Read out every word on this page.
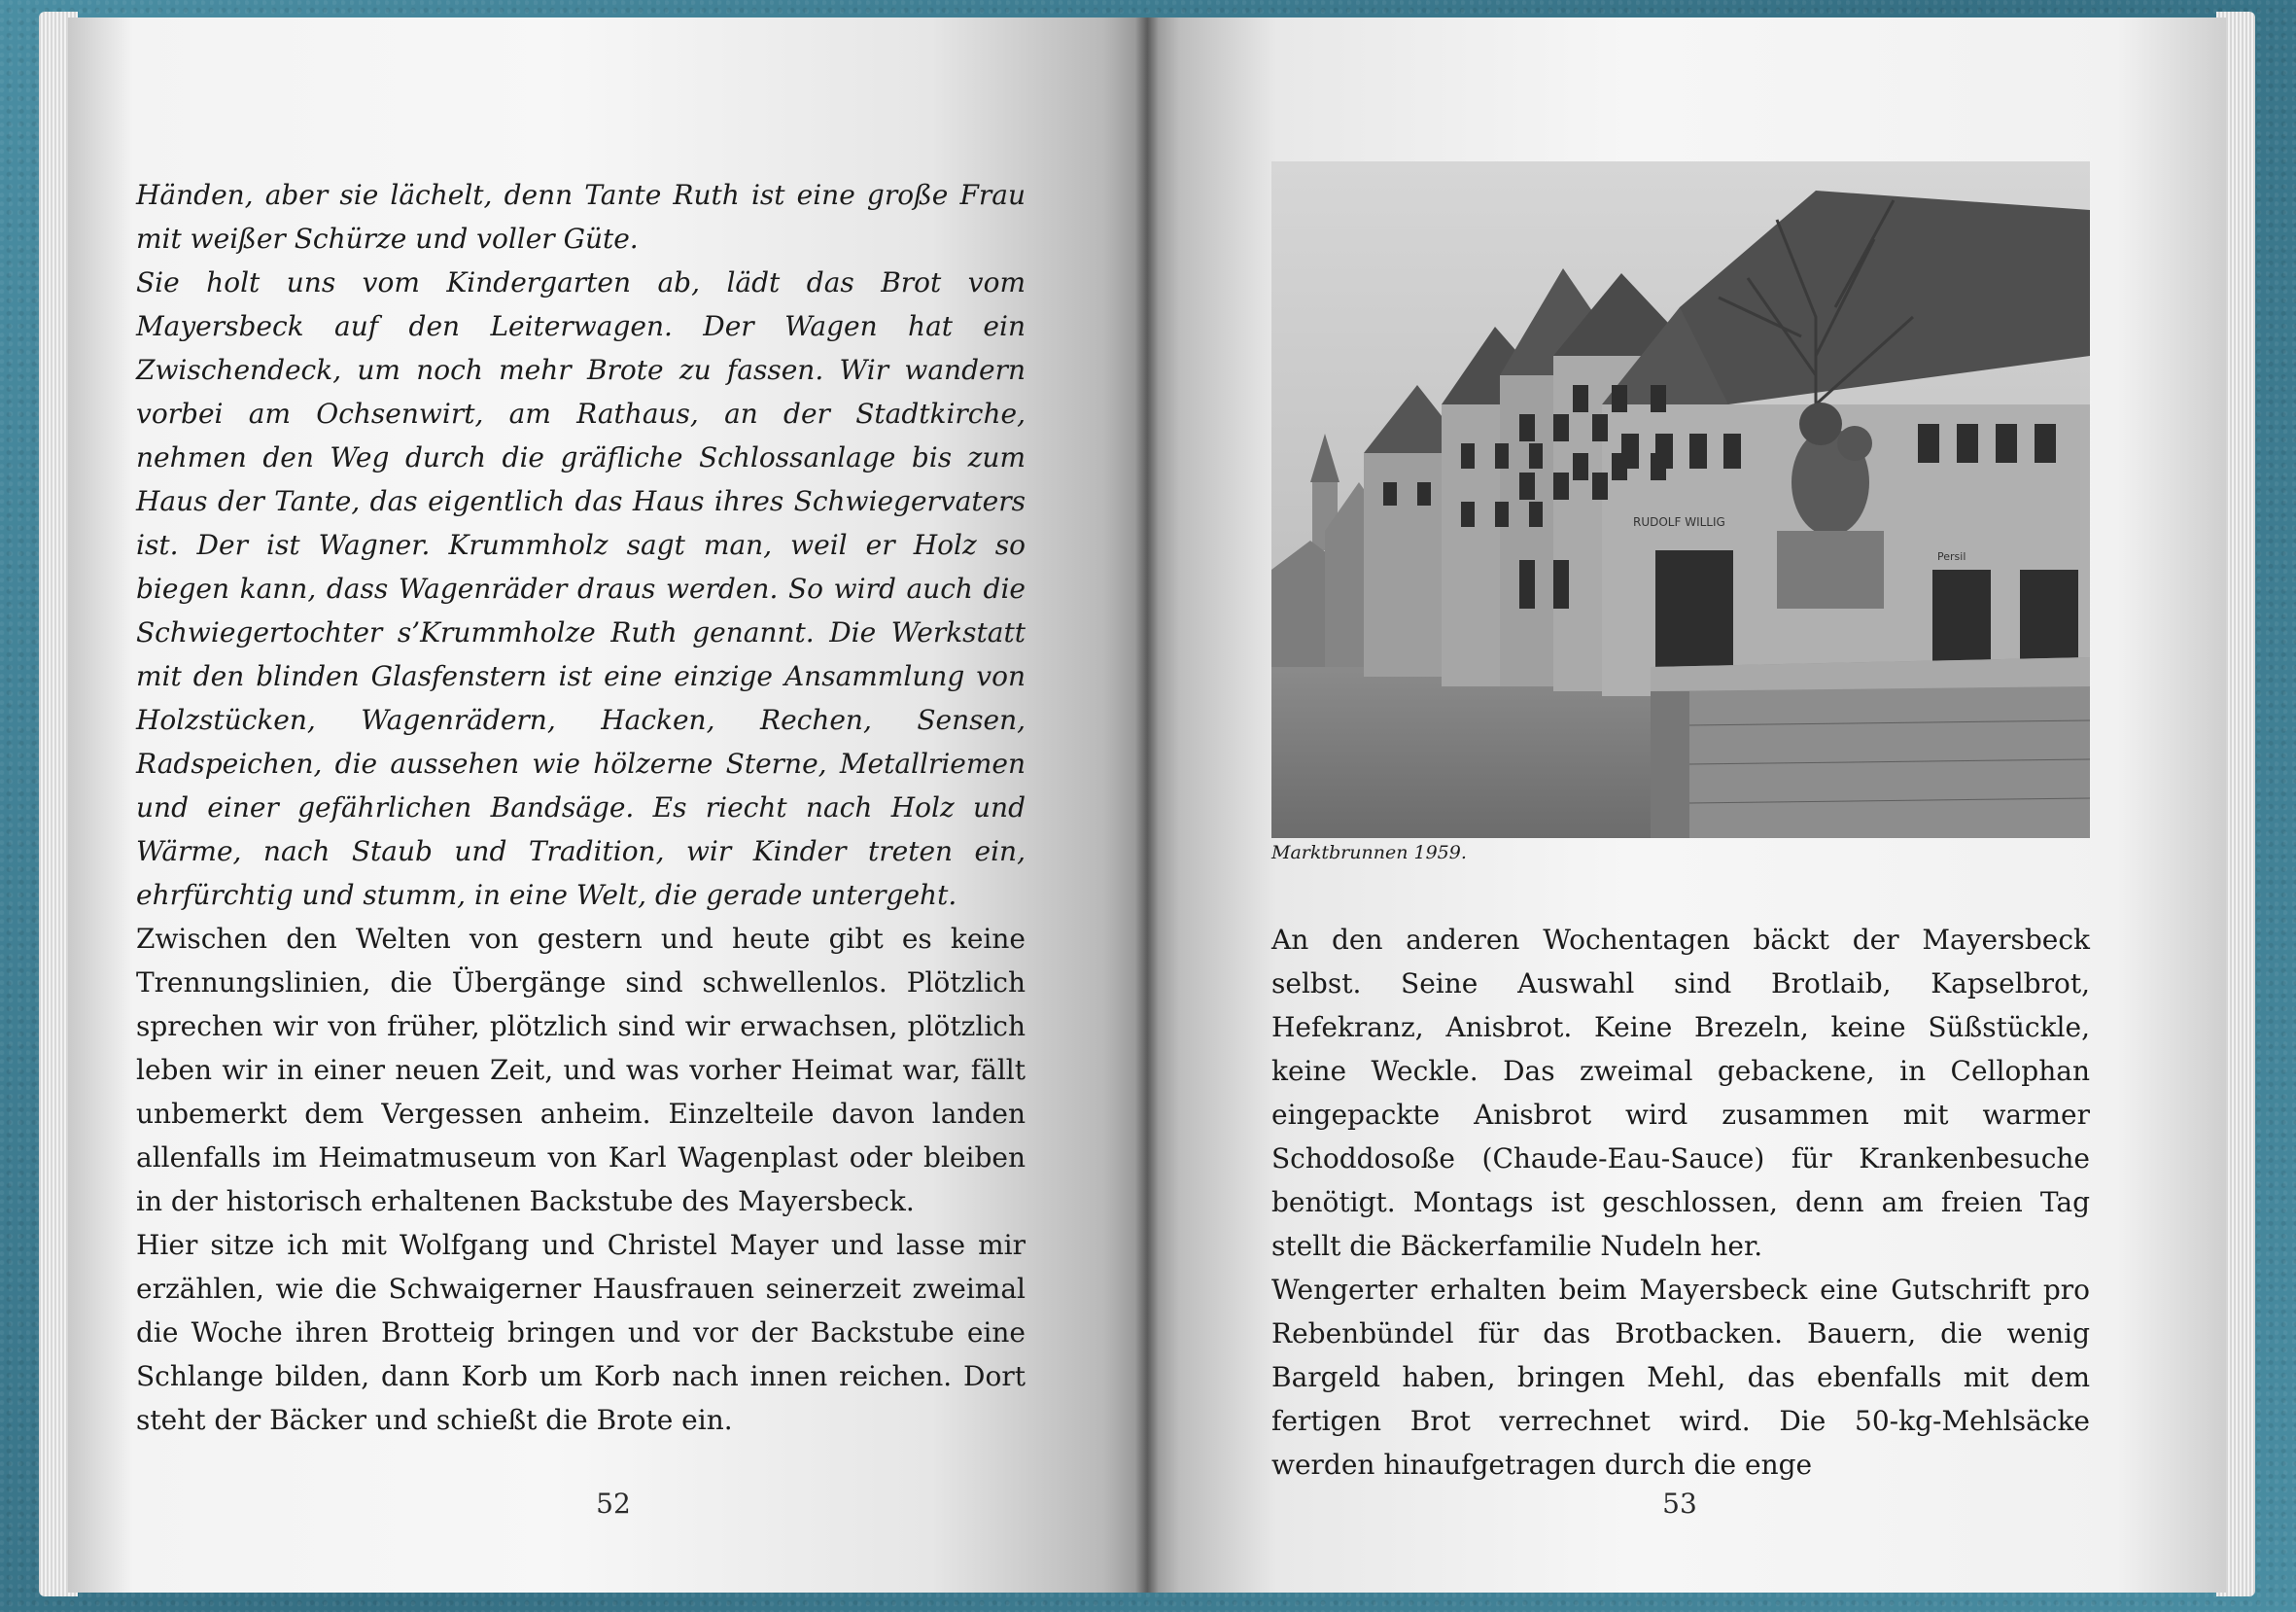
Händen, aber sie lächelt, denn Tante Ruth ist eine große Frau mit weißer Schürze und voller Güte.

Sie holt uns vom Kindergarten ab, lädt das Brot vom Mayersbeck auf den Leiterwagen. Der Wagen hat ein Zwischendeck, um noch mehr Brote zu fassen. Wir wandern vorbei am Ochsenwirt, am Rathaus, an der Stadtkirche, nehmen den Weg durch die gräfliche Schlossanlage bis zum Haus der Tante, das eigentlich das Haus ihres Schwiegervaters ist. Der ist Wagner. Krummholz sagt man, weil er Holz so biegen kann, dass Wagenräder draus werden. So wird auch die Schwiegertochter s’Krummholze Ruth genannt. Die Werkstatt mit den blinden Glasfenstern ist eine einzige Ansammlung von Holzstücken, Wagenrädern, Hacken, Rechen, Sensen, Radspeichen, die aussehen wie hölzerne Sterne, Metallriemen und einer gefährlichen Bandsäge. Es riecht nach Holz und Wärme, nach Staub und Tradition, wir Kinder treten ein, ehrfürchtig und stumm, in eine Welt, die gerade untergeht.

Zwischen den Welten von gestern und heute gibt es keine Trennungslinien, die Übergänge sind schwellenlos. Plötzlich sprechen wir von früher, plötzlich sind wir erwachsen, plötzlich leben wir in einer neuen Zeit, und was vorher Heimat war, fällt unbemerkt dem Vergessen anheim. Einzelteile davon landen allenfalls im Heimatmuseum von Karl Wagenplast oder bleiben in der historisch erhaltenen Backstube des Mayersbeck.

Hier sitze ich mit Wolfgang und Christel Mayer und lasse mir erzählen, wie die Schwaigerner Hausfrauen seinerzeit zweimal die Woche ihren Brotteig bringen und vor der Backstube eine Schlange bilden, dann Korb um Korb nach innen reichen. Dort steht der Bäcker und schießt die Brote ein.

52
RUDOLF WILLIG
Persil
Marktbrunnen 1959.

An den anderen Wochentagen bäckt der Mayersbeck selbst. Seine Auswahl sind Brotlaib, Kapselbrot, Hefekranz, Anisbrot. Keine Brezeln, keine Süßstückle, keine Weckle. Das zweimal gebackene, in Cellophan eingepackte Anisbrot wird zusammen mit warmer Schoddosoße (Chaude-Eau-Sauce) für Krankenbesuche benötigt. Montags ist geschlossen, denn am freien Tag stellt die Bäckerfamilie Nudeln her.

Wengerter erhalten beim Mayersbeck eine Gutschrift pro Rebenbündel für das Brotbacken. Bauern, die wenig Bargeld haben, bringen Mehl, das ebenfalls mit dem fertigen Brot verrechnet wird. Die 50-kg-Mehlsäcke werden hinaufgetragen durch die enge

53
